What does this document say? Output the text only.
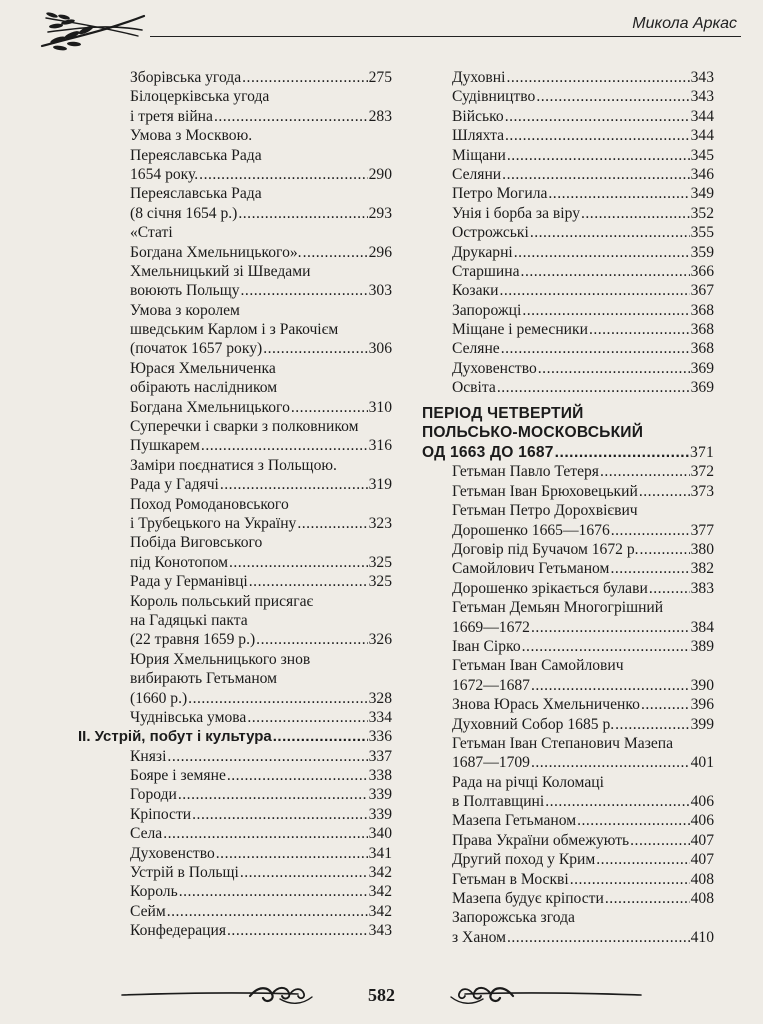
Микола Аркас
Зборівська угода .....	275
Білоцерківська угода
і третя війна .....	283
Умова з Москвою.
Переяславська Рада
1654 року. .....	290
Переяславська Рада
(8 січня 1654 р.) .....	293
«Статі
Богдана Хмельницького». .....	296
Хмельницький зі Шведами
воюють Польщу .....	303
Умова з королем
шведським Карлом і з Ракочієм
(початок 1657 року) .....	306
Юрася Хмельниченка
обірають наслідником
Богдана Хмельницького .....	310
Суперечки і сварки з полковником
Пушкарем .....	316
Заміри поєднатися з Польщою.
Рада у Гадячі .....	319
Поход Ромодановського
і Трубецького на Україну .....	323
Побіда Виговського
під Конотопом .....	325
Рада у Германівці .....	325
Король польський присягає
на Гадяцькі пакта
(22 травня 1659 р.) .....	326
Юрия Хмельницького знов
вибирають Гетьманом
(1660 р.) .....	328
Чуднівська умова .....	334
II. Устрій, побут і культура .....	336
Князі .....	337
Бояре і земяне .....	338
Городи .....	339
Кріпости .....	339
Села .....	340
Духовенство .....	341
Устрій в Польщі .....	342
Король .....	342
Сейм .....	342
Конфедерация .....	343
Духовні .....	343
Судівництво .....	343
Військо .....	344
Шляхта .....	344
Міщани .....	345
Селяни .....	346
Петро Могила .....	349
Унія і борба за віру .....	352
Острожські .....	355
Друкарні .....	359
Старшина .....	366
Козаки .....	367
Запорожці .....	368
Міщане і ремесники .....	368
Селяне .....	368
Духовенство .....	369
Освіта .....	369
ПЕРІОД ЧЕТВЕРТИЙ
ПОЛЬСЬКО-МОСКОВСЬКИЙ
ОД 1663 ДО 1687 .....	371
Гетьман Павло Тетеря .....	372
Гетьман Іван Брюховецький .....	373
Гетьман Петро Дорохвієвич
Дорошенко 1665—1676 .....	377
Договір під Бучачом 1672 р. .....	380
Самойлович Гетьманом .....	382
Дорошенко зрікається булави .....	383
Гетьман Демьян Многогрішний
1669—1672 .....	384
Іван Сірко .....	389
Гетьман Іван Самойлович
1672—1687 .....	390
Знова Юрась Хмельниченко .....	396
Духовний Собор 1685 р. .....	399
Гетьман Іван Степанович Мазепа
1687—1709 .....	401
Рада на річці Коломаці
в Полтавщині .....	406
Мазепа Гетьманом .....	406
Права України обмежують .....	407
Другий поход у Крим .....	407
Гетьман в Москві .....	408
Мазепа будує кріпости .....	408
Запорожська згода
з Ханом .....	410
582
